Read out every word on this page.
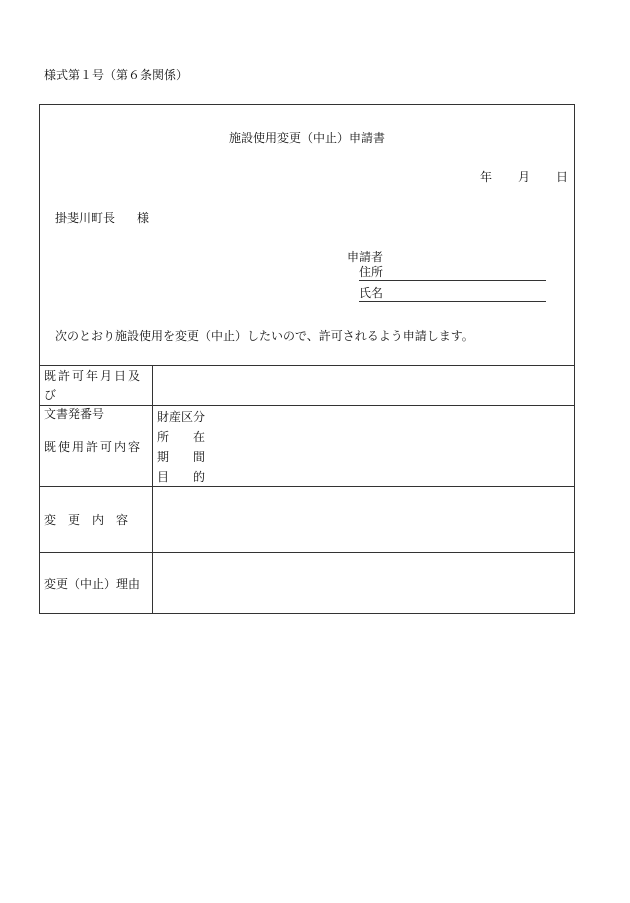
様式第１号（第６条関係）
施設使用変更（中止）申請書
年 月 日
掛斐川町長 様
申請者
住所
氏名
次のとおり施設使用を変更（中止）したいので、許可されるよう申請します。
既許可年月日及び
文書発番号
既使用許可内容
財産区分
所　　在
期　　間
目　　的
変　更　内　容
変更（中止）理由
